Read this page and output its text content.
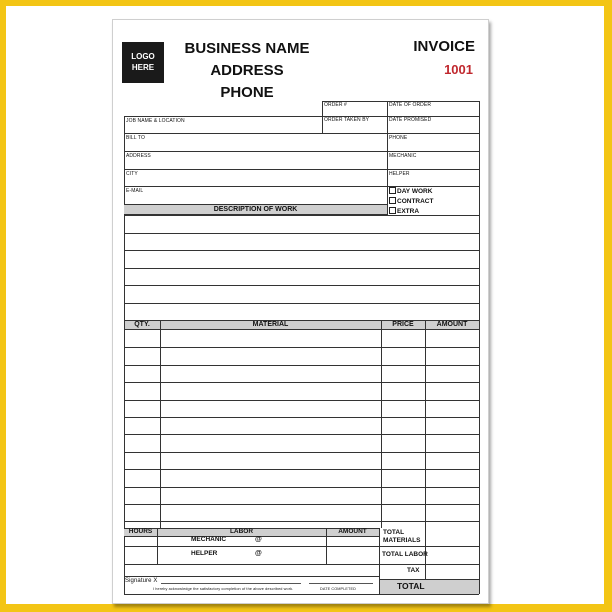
LOGO
HERE
BUSINESS NAME
ADDRESS
PHONE
INVOICE
1001
ORDER #	DATE OF ORDER
JOB NAME & LOCATION	ORDER TAKEN BY	DATE PROMISED
BILL TO	PHONE
ADDRESS	MECHANIC
CITY	HELPER
E-MAIL	DAY WORK
CONTRACT
EXTRA
DESCRIPTION OF WORK
QTY.	MATERIAL	PRICE	AMOUNT
HOURS	LABOR	AMOUNT
MECHANIC	@
HELPER	@
TOTAL MATERIALS
TOTAL LABOR
TAX
TOTAL
Signature X
I hereby acknowledge the satisfactory completion of the above described work.	DATE COMPLETED
